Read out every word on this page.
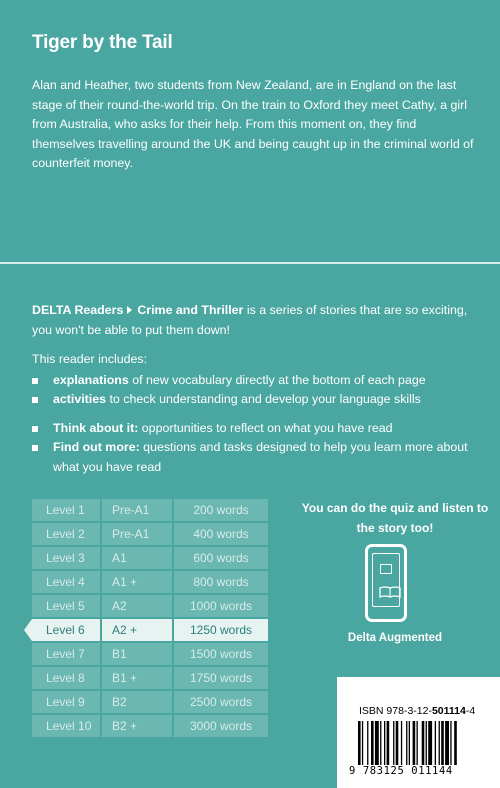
Tiger by the Tail
Alan and Heather, two students from New Zealand, are in England on the last stage of their round-the-world trip. On the train to Oxford they meet Cathy, a girl from Australia, who asks for their help. From this moment on, they find themselves travelling around the UK and being caught up in the criminal world of counterfeit money.
DELTA Readers Crime and Thriller is a series of stories that are so exciting, you won't be able to put them down!
This reader includes:
explanations of new vocabulary directly at the bottom of each page
activities to check understanding and develop your language skills
Think about it: opportunities to reflect on what you have read
Find out more: questions and tasks designed to help you learn more about what you have read
Level 1	Pre-A1	200 words
Level 2	Pre-A1	400 words
Level 3	A1	600 words
Level 4	A1 +	800 words
Level 5	A2	1000 words
Level 6	A2 +	1250 words
Level 7	B1	1500 words
Level 8	B1 +	1750 words
Level 9	B2	2500 words
Level 10	B2 +	3000 words
You can do the quiz and listen to the story too!
Delta Augmented
ISBN 978-3-12-501114-4
9 783125 011144
